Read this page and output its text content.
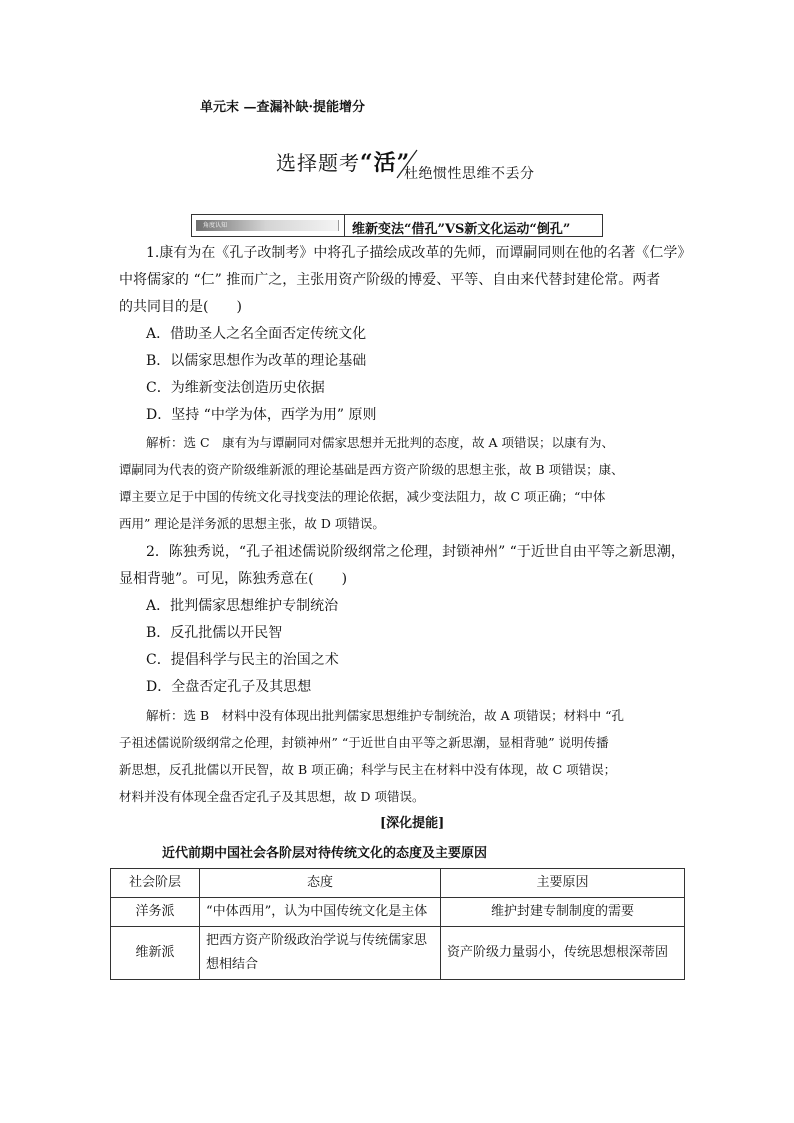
单元末 —查漏补缺·提能增分
选择题考“活”
杜绝惯性思维不丢分
角度认知	维新变法“借孔”VS新文化运动“倒孔”
1.康有为在《孔子改制考》中将孔子描绘成改革的先师，而谭嗣同则在他的名著《仁学》
中将儒家的 “仁” 推而广之，主张用资产阶级的博爱、平等、自由来代替封建伦常。两者
的共同目的是(　　)
A．借助圣人之名全面否定传统文化
B．以儒家思想作为改革的理论基础
C．为维新变法创造历史依据
D．坚持 “中学为体，西学为用” 原则
解析：选 C　康有为与谭嗣同对儒家思想并无批判的态度，故 A 项错误；以康有为、
谭嗣同为代表的资产阶级维新派的理论基础是西方资产阶级的思想主张，故 B 项错误；康、
谭主要立足于中国的传统文化寻找变法的理论依据，减少变法阻力，故 C 项正确；“中体
西用” 理论是洋务派的思想主张，故 D 项错误。
2．陈独秀说，“孔子祖述儒说阶级纲常之伦理，封锁神州” “于近世自由平等之新思潮，
显相背驰”。可见，陈独秀意在(　　)
A．批判儒家思想维护专制统治
B．反孔批儒以开民智
C．提倡科学与民主的治国之术
D．全盘否定孔子及其思想
解析：选 B　材料中没有体现出批判儒家思想维护专制统治，故 A 项错误；材料中 “孔
子祖述儒说阶级纲常之伦理，封锁神州” “于近世自由平等之新思潮，显相背驰” 说明传播
新思想，反孔批儒以开民智，故 B 项正确；科学与民主在材料中没有体现，故 C 项错误；
材料并没有体现全盘否定孔子及其思想，故 D 项错误。
[深化提能]
近代前期中国社会各阶层对待传统文化的态度及主要原因
社会阶层	态度	主要原因
洋务派	“中体西用”，认为中国传统文化是主体	维护封建专制制度的需要
维新派	把西方资产阶级政治学说与传统儒家思想相结合	资产阶级力量弱小，传统思想根深蒂固
